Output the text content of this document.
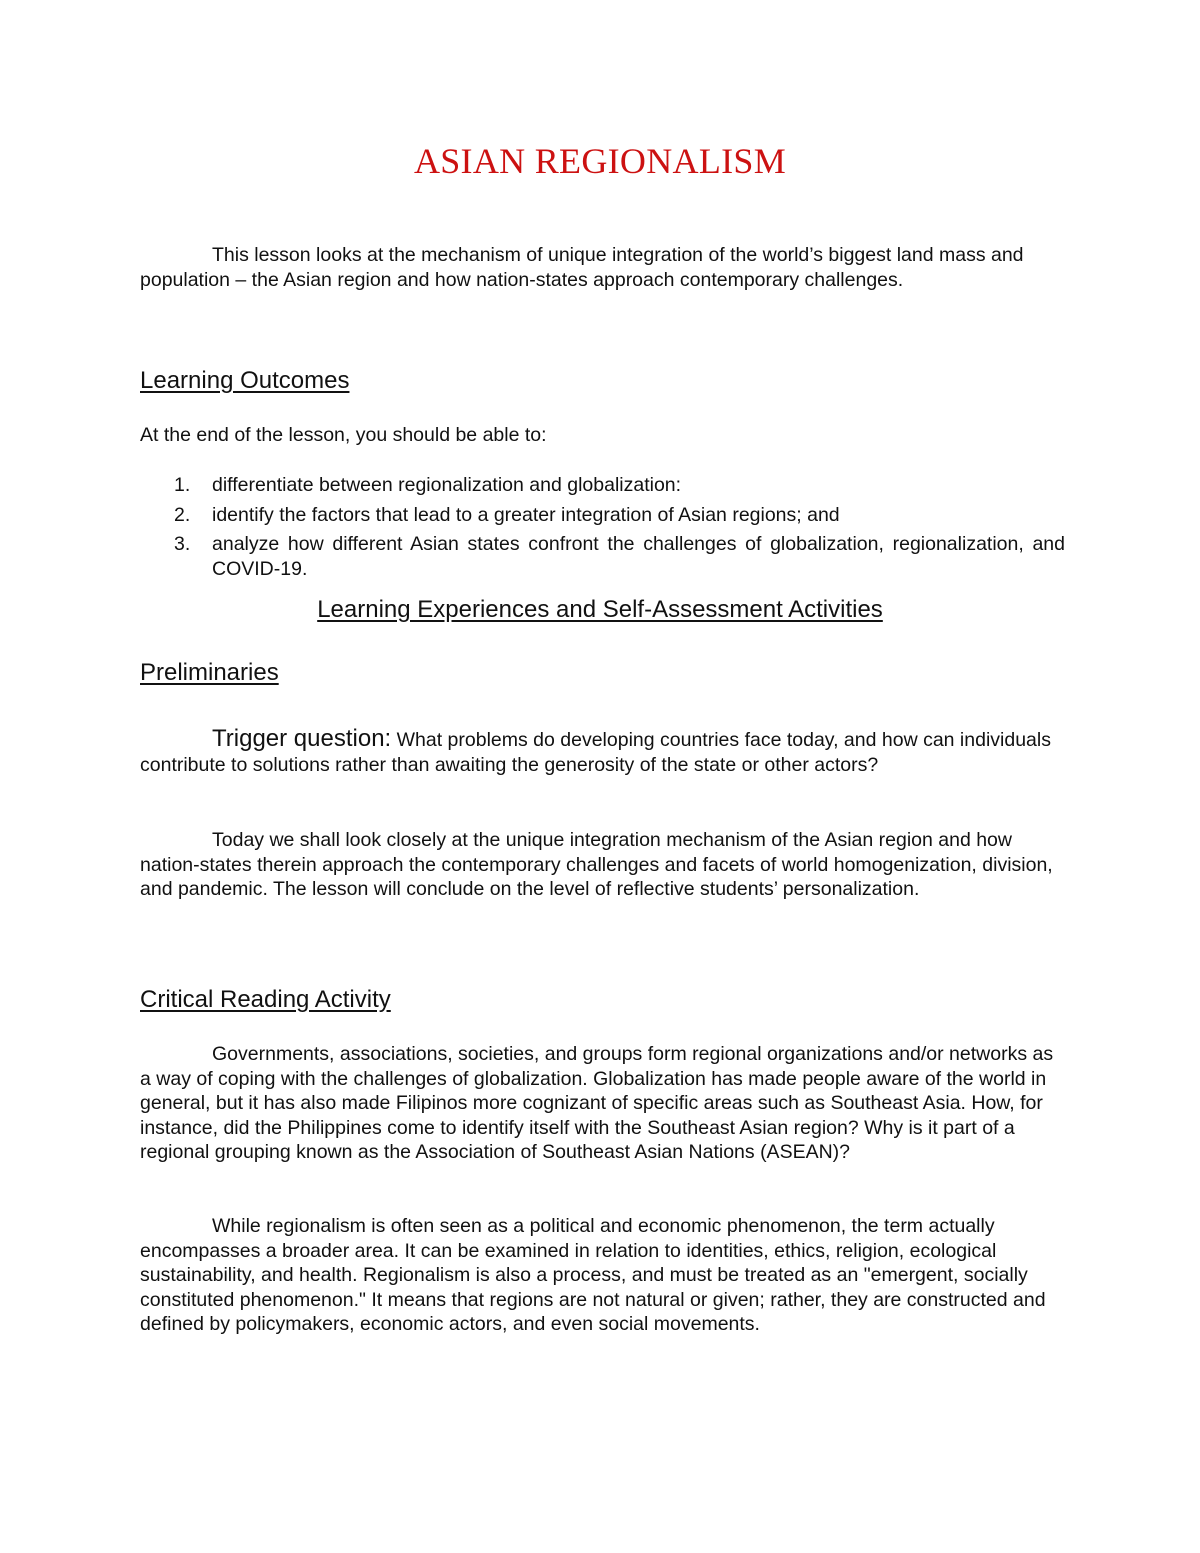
ASIAN REGIONALISM

This lesson looks at the mechanism of unique integration of the world’s biggest land mass and population – the Asian region and how nation-states approach contemporary challenges.

Learning Outcomes

At the end of the lesson, you should be able to:

1. differentiate between regionalization and globalization:
2. identify the factors that lead to a greater integration of Asian regions; and
3. analyze how different Asian states confront the challenges of globalization, regionalization, and COVID-19.
Learning Experiences and Self-Assessment Activities
Preliminaries

Trigger question: What problems do developing countries face today, and how can individuals contribute to solutions rather than awaiting the generosity of the state or other actors?

Today we shall look closely at the unique integration mechanism of the Asian region and how nation-states therein approach the contemporary challenges and facets of world homogenization, division, and pandemic. The lesson will conclude on the level of reflective students’ personalization.

Critical Reading Activity

Governments, associations, societies, and groups form regional organizations and/or networks as a way of coping with the challenges of globalization. Globalization has made people aware of the world in general, but it has also made Filipinos more cognizant of specific areas such as Southeast Asia. How, for instance, did the Philippines come to identify itself with the Southeast Asian region? Why is it part of a regional grouping known as the Association of Southeast Asian Nations (ASEAN)?

While regionalism is often seen as a political and economic phenomenon, the term actually encompasses a broader area. It can be examined in relation to identities, ethics, religion, ecological sustainability, and health. Regionalism is also a process, and must be treated as an "emergent, socially constituted phenomenon." It means that regions are not natural or given; rather, they are constructed and defined by policymakers, economic actors, and even social movements.
